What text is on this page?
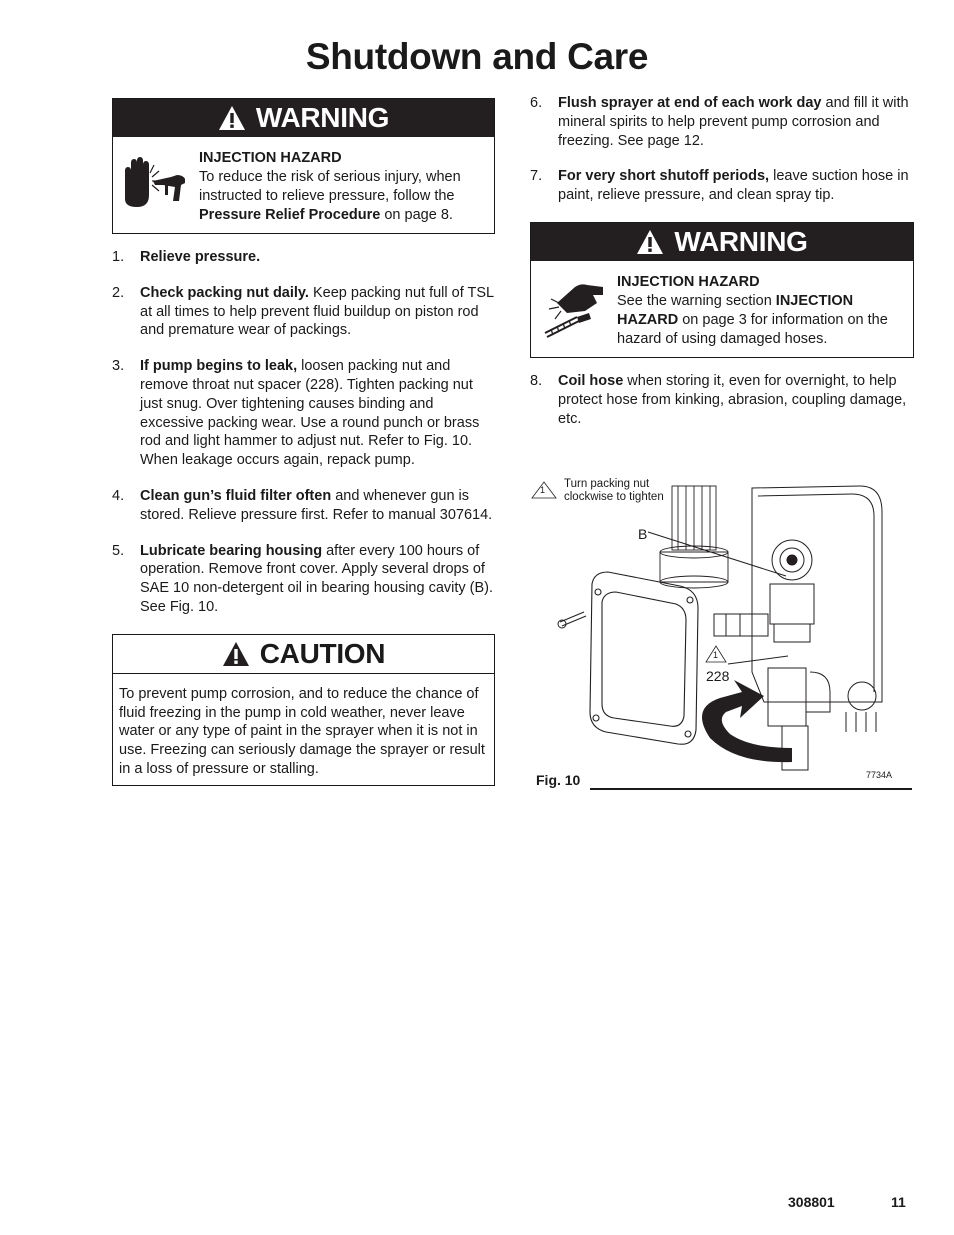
Shutdown and Care
WARNING
INJECTION HAZARD
To reduce the risk of serious injury, when instructed to relieve pressure, follow the Pressure Relief Procedure on page 8.
1.	Relieve pressure.
2.	Check packing nut daily. Keep packing nut full of TSL at all times to help prevent fluid buildup on piston rod and premature wear of packings.
3.	If pump begins to leak, loosen packing nut and remove throat nut spacer (228). Tighten packing nut just snug. Over tightening causes binding and excessive packing wear. Use a round punch or brass rod and light hammer to adjust nut. Refer to Fig. 10. When leakage occurs again, repack pump.
4.	Clean gun’s fluid filter often and whenever gun is stored. Relieve pressure first. Refer to manual 307614.
5.	Lubricate bearing housing after every 100 hours of operation. Remove front cover. Apply several drops of SAE 10 non-detergent oil in bearing housing cavity (B). See Fig. 10.
CAUTION
To prevent pump corrosion, and to reduce the chance of fluid freezing in the pump in cold weather, never leave water or any type of paint in the sprayer when it is not in use. Freezing can seriously damage the sprayer or result in a loss of pressure or stalling.
6.	Flush sprayer at end of each work day and fill it with mineral spirits to help prevent pump corrosion and freezing. See page 12.
7.	For very short shutoff periods, leave suction hose in paint, relieve pressure, and clean spray tip.
WARNING
INJECTION HAZARD
See the warning section INJECTION HAZARD on page 3 for information on the hazard of using damaged hoses.
8.	Coil hose when storing it, even for overnight, to help protect hose from kinking, abrasion, coupling damage, etc.
1 Turn packing nut clockwise to tighten
B
1
228
Fig. 10	7734A
308801	11
